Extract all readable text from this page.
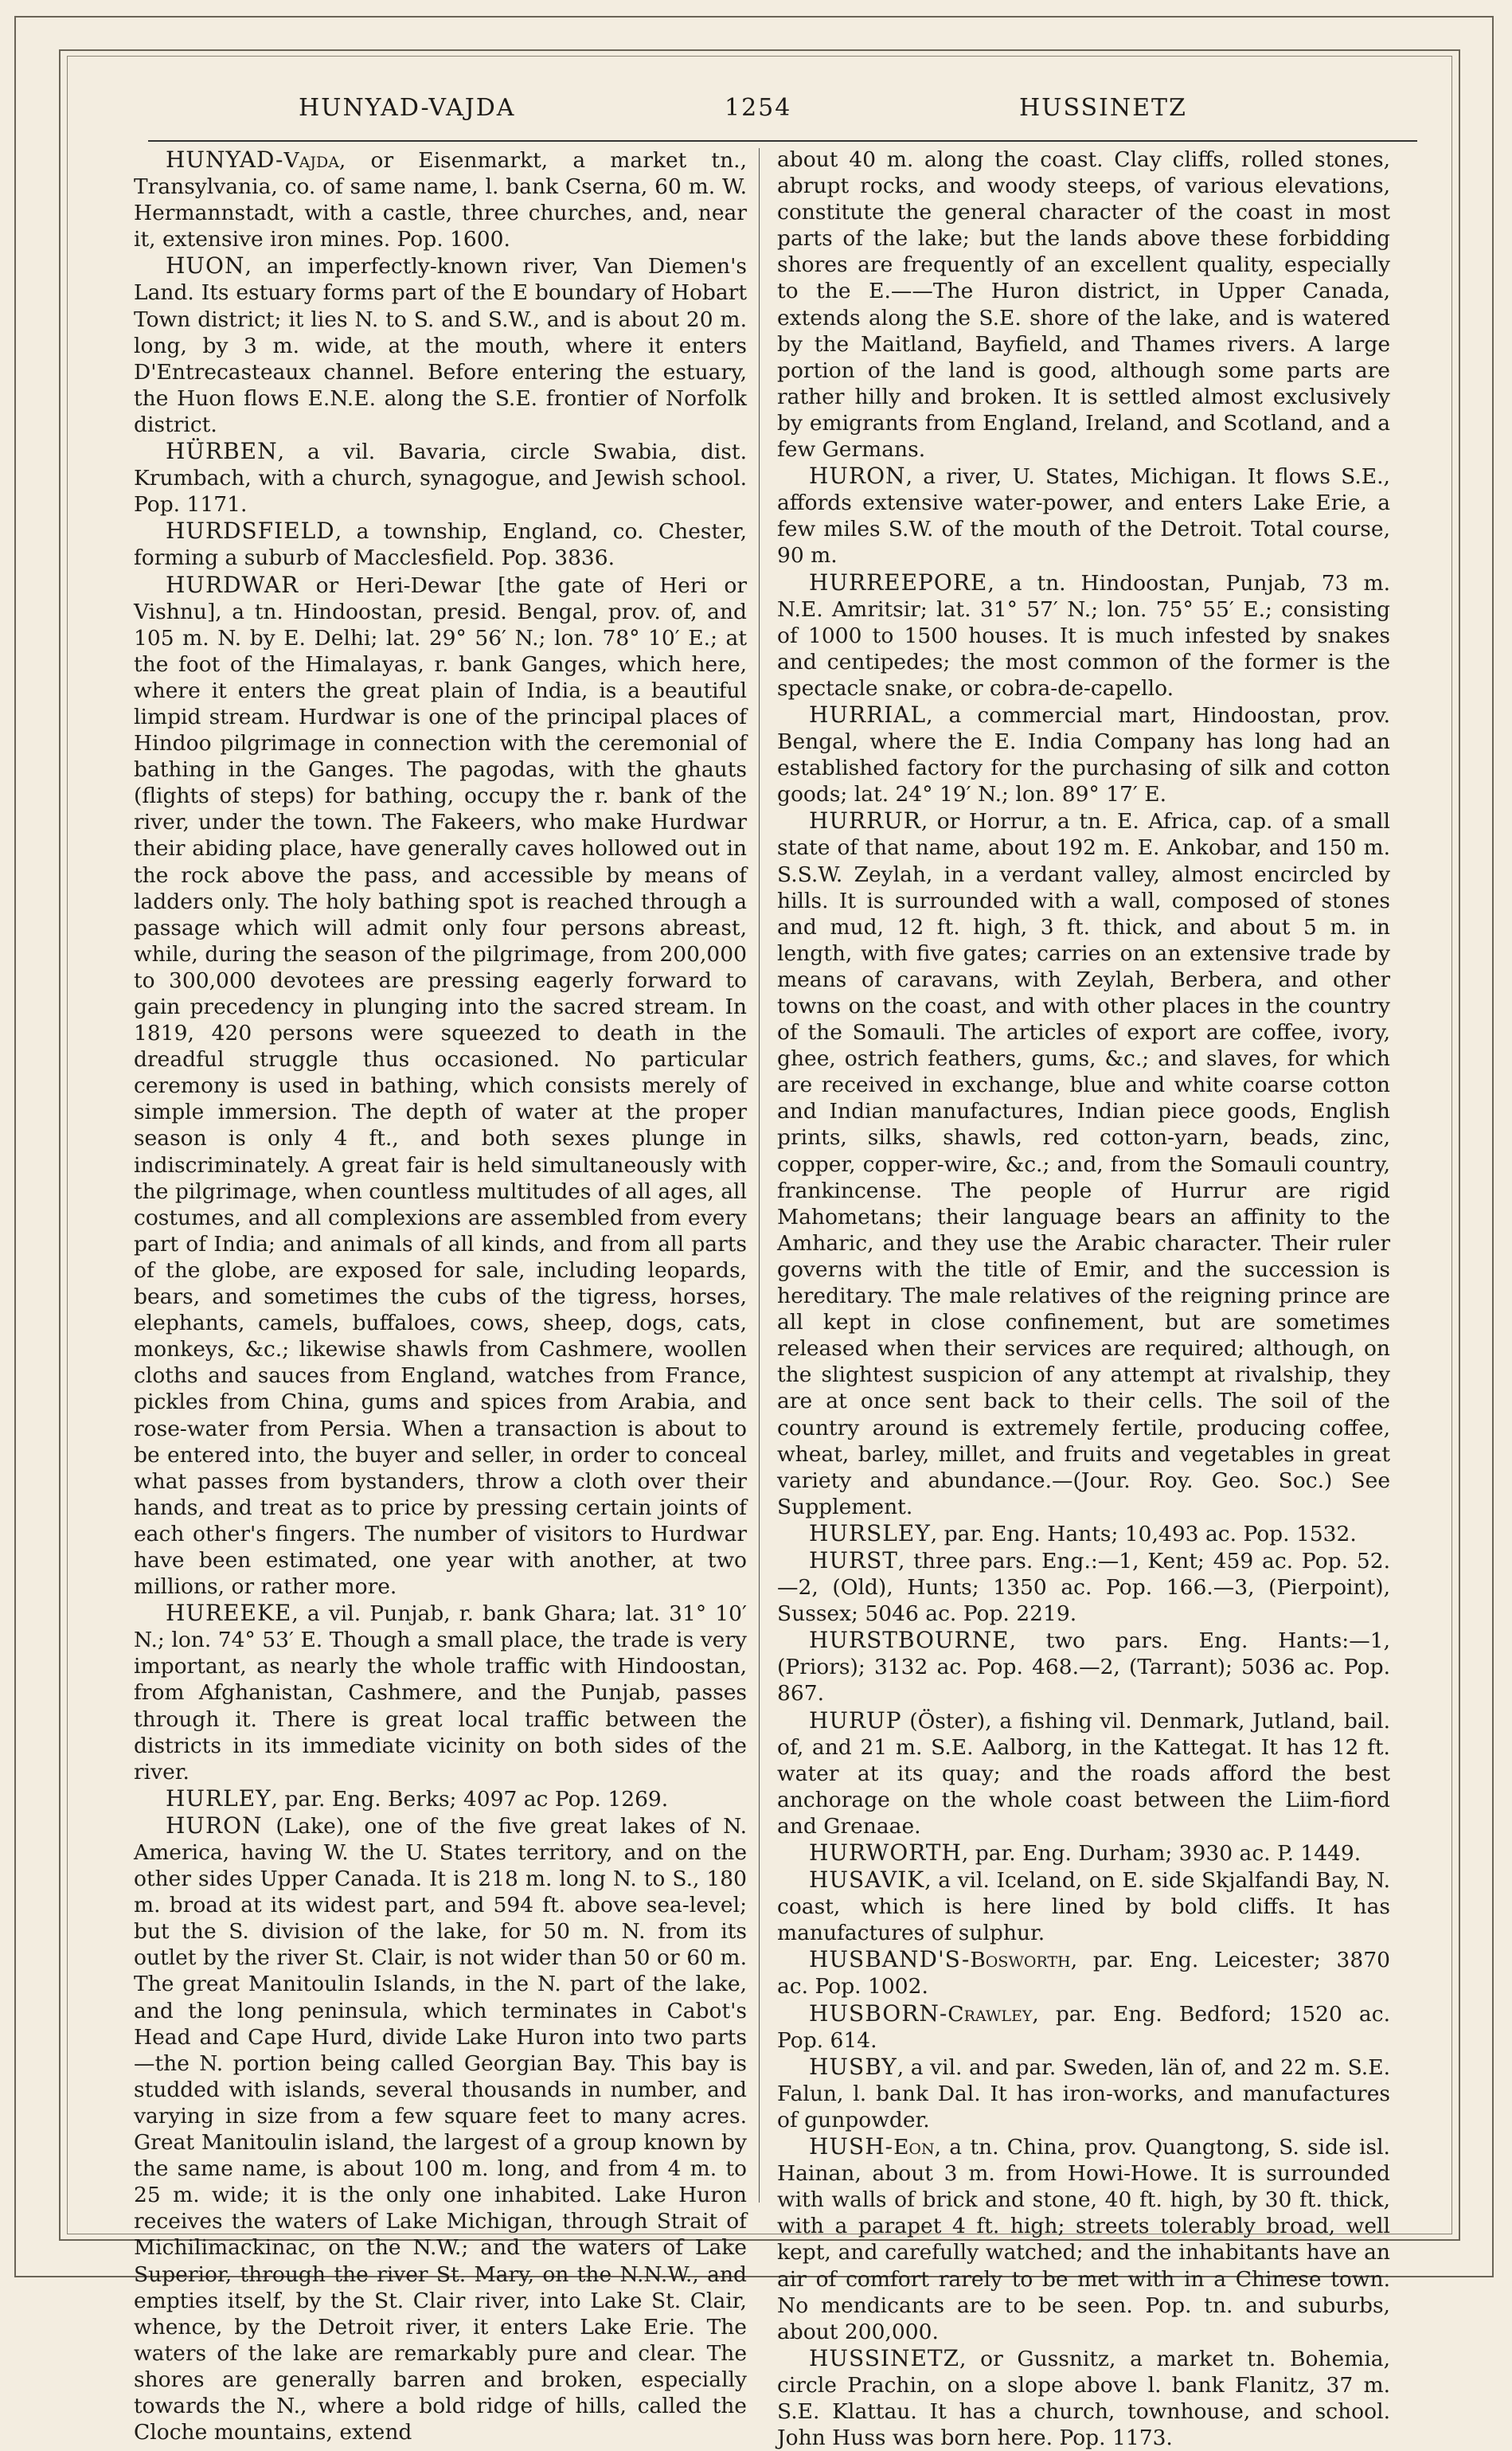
HUNYAD-VAJDA	1254	HUSSINETZ

HUNYAD-Vajda, or Eisenmarkt, a market tn., Transylvania, co. of same name, l. bank Cserna, 60 m. W. Hermannstadt, with a castle, three churches, and, near it, extensive iron mines. Pop. 1600.

HUON, an imperfectly-known river, Van Diemen's Land. Its estuary forms part of the E boundary of Hobart Town district; it lies N. to S. and S.W., and is about 20 m. long, by 3 m. wide, at the mouth, where it enters D'Entrecasteaux channel. Before entering the estuary, the Huon flows E.N.E. along the S.E. frontier of Norfolk district.

HÜRBEN, a vil. Bavaria, circle Swabia, dist. Krumbach, with a church, synagogue, and Jewish school. Pop. 1171.

HURDSFIELD, a township, England, co. Chester, forming a suburb of Macclesfield. Pop. 3836.

HURDWAR or Heri-Dewar [the gate of Heri or Vishnu], a tn. Hindoostan, presid. Bengal, prov. of, and 105 m. N. by E. Delhi; lat. 29° 56′ N.; lon. 78° 10′ E.; at the foot of the Himalayas, r. bank Ganges, which here, where it enters the great plain of India, is a beautiful limpid stream. Hurdwar is one of the principal places of Hindoo pilgrimage in connection with the ceremonial of bathing in the Ganges. The pagodas, with the ghauts (flights of steps) for bathing, occupy the r. bank of the river, under the town. The Fakeers, who make Hurdwar their abiding place, have generally caves hollowed out in the rock above the pass, and accessible by means of ladders only. The holy bathing spot is reached through a passage which will admit only four persons abreast, while, during the season of the pilgrimage, from 200,000 to 300,000 devotees are pressing eagerly forward to gain precedency in plunging into the sacred stream. In 1819, 420 persons were squeezed to death in the dreadful struggle thus occasioned. No particular ceremony is used in bathing, which consists merely of simple immersion. The depth of water at the proper season is only 4 ft., and both sexes plunge in indiscriminately. A great fair is held simultaneously with the pilgrimage, when countless multitudes of all ages, all costumes, and all complexions are assembled from every part of India; and animals of all kinds, and from all parts of the globe, are exposed for sale, including leopards, bears, and sometimes the cubs of the tigress, horses, elephants, camels, buffaloes, cows, sheep, dogs, cats, monkeys, &c.; likewise shawls from Cashmere, woollen cloths and sauces from England, watches from France, pickles from China, gums and spices from Arabia, and rose-water from Persia. When a transaction is about to be entered into, the buyer and seller, in order to conceal what passes from bystanders, throw a cloth over their hands, and treat as to price by pressing certain joints of each other's fingers. The number of visitors to Hurdwar have been estimated, one year with another, at two millions, or rather more.

HUREEKE, a vil. Punjab, r. bank Ghara; lat. 31° 10′ N.; lon. 74° 53′ E. Though a small place, the trade is very important, as nearly the whole traffic with Hindoostan, from Afghanistan, Cashmere, and the Punjab, passes through it. There is great local traffic between the districts in its immediate vicinity on both sides of the river.

HURLEY, par. Eng. Berks; 4097 ac Pop. 1269.

HURON (Lake), one of the five great lakes of N. America, having W. the U. States territory, and on the other sides Upper Canada. It is 218 m. long N. to S., 180 m. broad at its widest part, and 594 ft. above sea-level; but the S. division of the lake, for 50 m. N. from its outlet by the river St. Clair, is not wider than 50 or 60 m. The great Manitoulin Islands, in the N. part of the lake, and the long peninsula, which terminates in Cabot's Head and Cape Hurd, divide Lake Huron into two parts—the N. portion being called Georgian Bay. This bay is studded with islands, several thousands in number, and varying in size from a few square feet to many acres. Great Manitoulin island, the largest of a group known by the same name, is about 100 m. long, and from 4 m. to 25 m. wide; it is the only one inhabited. Lake Huron receives the waters of Lake Michigan, through Strait of Michilimackinac, on the N.W.; and the waters of Lake Superior, through the river St. Mary, on the N.N.W., and empties itself, by the St. Clair river, into Lake St. Clair, whence, by the Detroit river, it enters Lake Erie. The waters of the lake are remarkably pure and clear. The shores are generally barren and broken, especially towards the N., where a bold ridge of hills, called the Cloche mountains, extend

about 40 m. along the coast. Clay cliffs, rolled stones, abrupt rocks, and woody steeps, of various elevations, constitute the general character of the coast in most parts of the lake; but the lands above these forbidding shores are frequently of an excellent quality, especially to the E.——The Huron district, in Upper Canada, extends along the S.E. shore of the lake, and is watered by the Maitland, Bayfield, and Thames rivers. A large portion of the land is good, although some parts are rather hilly and broken. It is settled almost exclusively by emigrants from England, Ireland, and Scotland, and a few Germans.

HURON, a river, U. States, Michigan. It flows S.E., affords extensive water-power, and enters Lake Erie, a few miles S.W. of the mouth of the Detroit. Total course, 90 m.

HURREEPORE, a tn. Hindoostan, Punjab, 73 m. N.E. Amritsir; lat. 31° 57′ N.; lon. 75° 55′ E.; consisting of 1000 to 1500 houses. It is much infested by snakes and centipedes; the most common of the former is the spectacle snake, or cobra-de-capello.

HURRIAL, a commercial mart, Hindoostan, prov. Bengal, where the E. India Company has long had an established factory for the purchasing of silk and cotton goods; lat. 24° 19′ N.; lon. 89° 17′ E.

HURRUR, or Horrur, a tn. E. Africa, cap. of a small state of that name, about 192 m. E. Ankobar, and 150 m. S.S.W. Zeylah, in a verdant valley, almost encircled by hills. It is surrounded with a wall, composed of stones and mud, 12 ft. high, 3 ft. thick, and about 5 m. in length, with five gates; carries on an extensive trade by means of caravans, with Zeylah, Berbera, and other towns on the coast, and with other places in the country of the Somauli. The articles of export are coffee, ivory, ghee, ostrich feathers, gums, &c.; and slaves, for which are received in exchange, blue and white coarse cotton and Indian manufactures, Indian piece goods, English prints, silks, shawls, red cotton-yarn, beads, zinc, copper, copper-wire, &c.; and, from the Somauli country, frankincense. The people of Hurrur are rigid Mahometans; their language bears an affinity to the Amharic, and they use the Arabic character. Their ruler governs with the title of Emir, and the succession is hereditary. The male relatives of the reigning prince are all kept in close confinement, but are sometimes released when their services are required; although, on the slightest suspicion of any attempt at rivalship, they are at once sent back to their cells. The soil of the country around is extremely fertile, producing coffee, wheat, barley, millet, and fruits and vegetables in great variety and abundance.—(Jour. Roy. Geo. Soc.) See Supplement.

HURSLEY, par. Eng. Hants; 10,493 ac. Pop. 1532.

HURST, three pars. Eng.:—1, Kent; 459 ac. Pop. 52. —2, (Old), Hunts; 1350 ac. Pop. 166.—3, (Pierpoint), Sussex; 5046 ac. Pop. 2219.

HURSTBOURNE, two pars. Eng. Hants:—1, (Priors); 3132 ac. Pop. 468.—2, (Tarrant); 5036 ac. Pop. 867.

HURUP (Öster), a fishing vil. Denmark, Jutland, bail. of, and 21 m. S.E. Aalborg, in the Kattegat. It has 12 ft. water at its quay; and the roads afford the best anchorage on the whole coast between the Liim-fiord and Grenaae.

HURWORTH, par. Eng. Durham; 3930 ac. P. 1449.

HUSAVIK, a vil. Iceland, on E. side Skjalfandi Bay, N. coast, which is here lined by bold cliffs. It has manufactures of sulphur.

HUSBAND'S-Bosworth, par. Eng. Leicester; 3870 ac. Pop. 1002.

HUSBORN-Crawley, par. Eng. Bedford; 1520 ac. Pop. 614.

HUSBY, a vil. and par. Sweden, län of, and 22 m. S.E. Falun, l. bank Dal. It has iron-works, and manufactures of gunpowder.

HUSH-Eon, a tn. China, prov. Quangtong, S. side isl. Hainan, about 3 m. from Howi-Howe. It is surrounded with walls of brick and stone, 40 ft. high, by 30 ft. thick, with a parapet 4 ft. high; streets tolerably broad, well kept, and carefully watched; and the inhabitants have an air of comfort rarely to be met with in a Chinese town. No mendicants are to be seen. Pop. tn. and suburbs, about 200,000.

HUSSINETZ, or Gussnitz, a market tn. Bohemia, circle Prachin, on a slope above l. bank Flanitz, 37 m. S.E. Klattau. It has a church, townhouse, and school. John Huss was born here. Pop. 1173.
